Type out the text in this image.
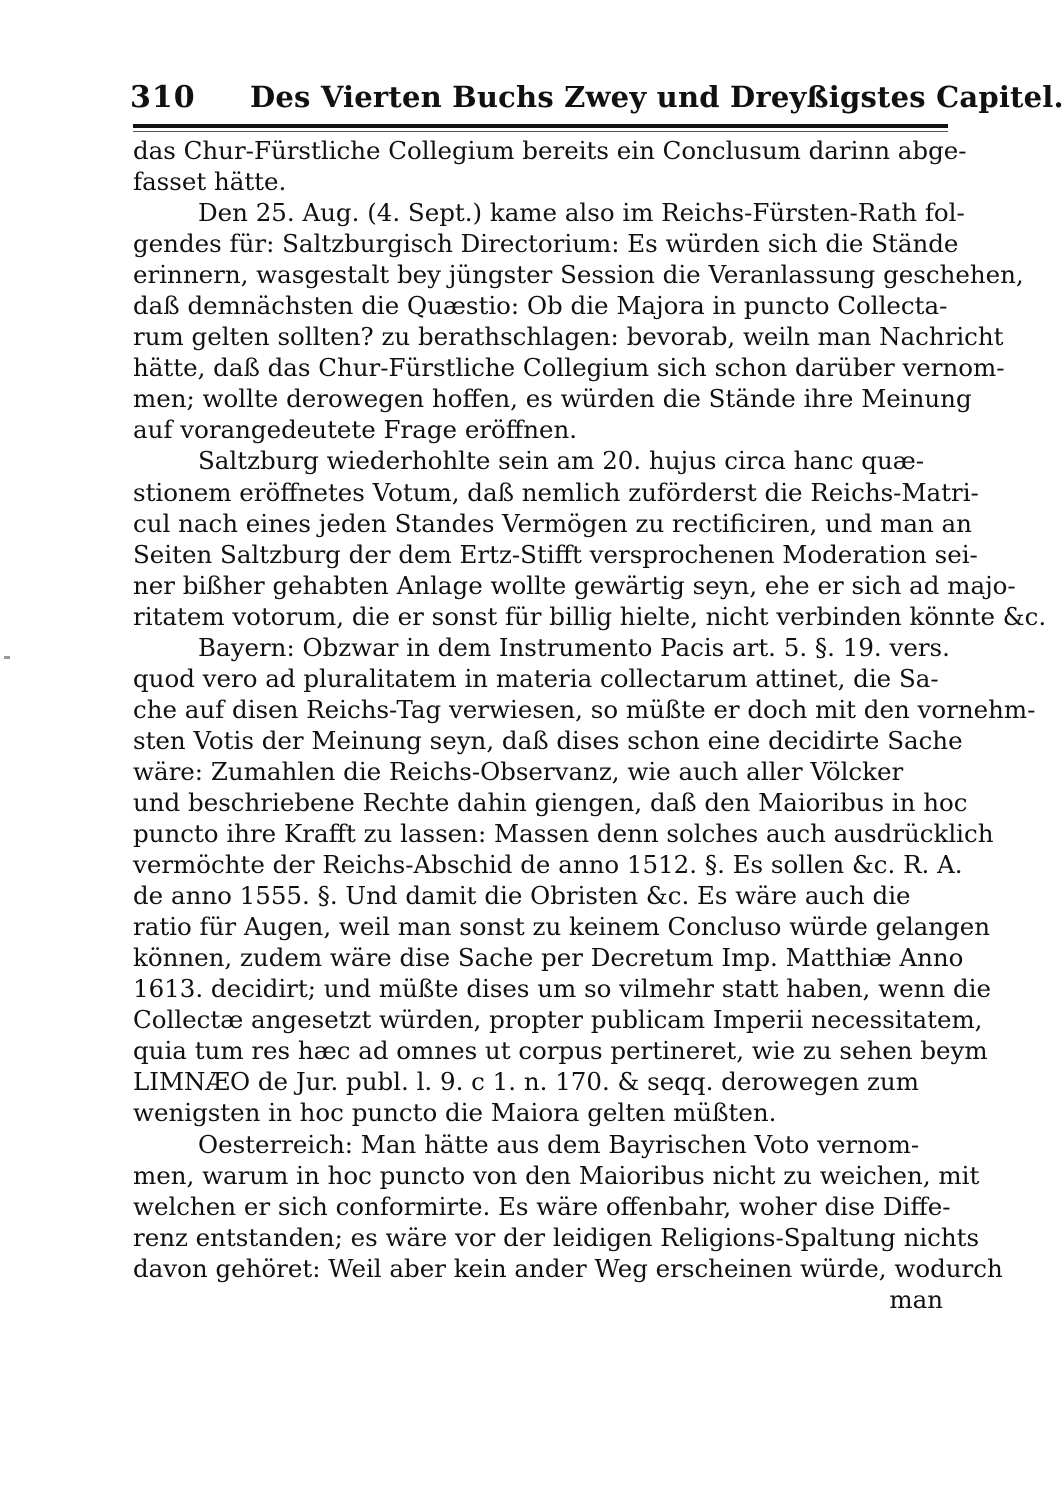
310 Des Vierten Buchs Zwey und Dreyßigstes Capitel.
das Chur-Fürstliche Collegium bereits ein Conclusum darinn abge-
fasset hätte.
Den 25. Aug. (4. Sept.) kame also im Reichs-Fürsten-Rath fol-
gendes für: Saltzburgisch Directorium: Es würden sich die Stände
erinnern, wasgestalt bey jüngster Session die Veranlassung geschehen,
daß demnächsten die Quæstio: Ob die Majora in puncto Collecta-
rum gelten sollten? zu berathschlagen: bevorab, weiln man Nachricht
hätte, daß das Chur-Fürstliche Collegium sich schon darüber vernom-
men; wollte derowegen hoffen, es würden die Stände ihre Meinung
auf vorangedeutete Frage eröffnen.
Saltzburg wiederhohlte sein am 20. hujus circa hanc quæ-
stionem eröffnetes Votum, daß nemlich zuförderst die Reichs-Matri-
cul nach eines jeden Standes Vermögen zu rectificiren, und man an
Seiten Saltzburg der dem Ertz-Stifft versprochenen Moderation sei-
ner bißher gehabten Anlage wollte gewärtig seyn, ehe er sich ad majo-
ritatem votorum, die er sonst für billig hielte, nicht verbinden könnte &c.
Bayern: Obzwar in dem Instrumento Pacis art. 5. §. 19. vers.
quod vero ad pluralitatem in materia collectarum attinet, die Sa-
che auf disen Reichs-Tag verwiesen, so müßte er doch mit den vornehm-
sten Votis der Meinung seyn, daß dises schon eine decidirte Sache
wäre: Zumahlen die Reichs-Observanz, wie auch aller Völcker
und beschriebene Rechte dahin giengen, daß den Maioribus in hoc
puncto ihre Krafft zu lassen: Massen denn solches auch ausdrücklich
vermöchte der Reichs-Abschid de anno 1512. §. Es sollen &c. R. A.
de anno 1555. §. Und damit die Obristen &c. Es wäre auch die
ratio für Augen, weil man sonst zu keinem Concluso würde gelangen
können, zudem wäre dise Sache per Decretum Imp. Matthiæ Anno
1613. decidirt; und müßte dises um so vilmehr statt haben, wenn die
Collectæ angesetzt würden, propter publicam Imperii necessitatem,
quia tum res hæc ad omnes ut corpus pertineret, wie zu sehen beym
LIMNÆO de Jur. publ. l. 9. c 1. n. 170. & seqq. derowegen zum
wenigsten in hoc puncto die Maiora gelten müßten.
Oesterreich: Man hätte aus dem Bayrischen Voto vernom-
men, warum in hoc puncto von den Maioribus nicht zu weichen, mit
welchen er sich conformirte. Es wäre offenbahr, woher dise Diffe-
renz entstanden; es wäre vor der leidigen Religions-Spaltung nichts
davon gehöret: Weil aber kein ander Weg erscheinen würde, wodurch
man
